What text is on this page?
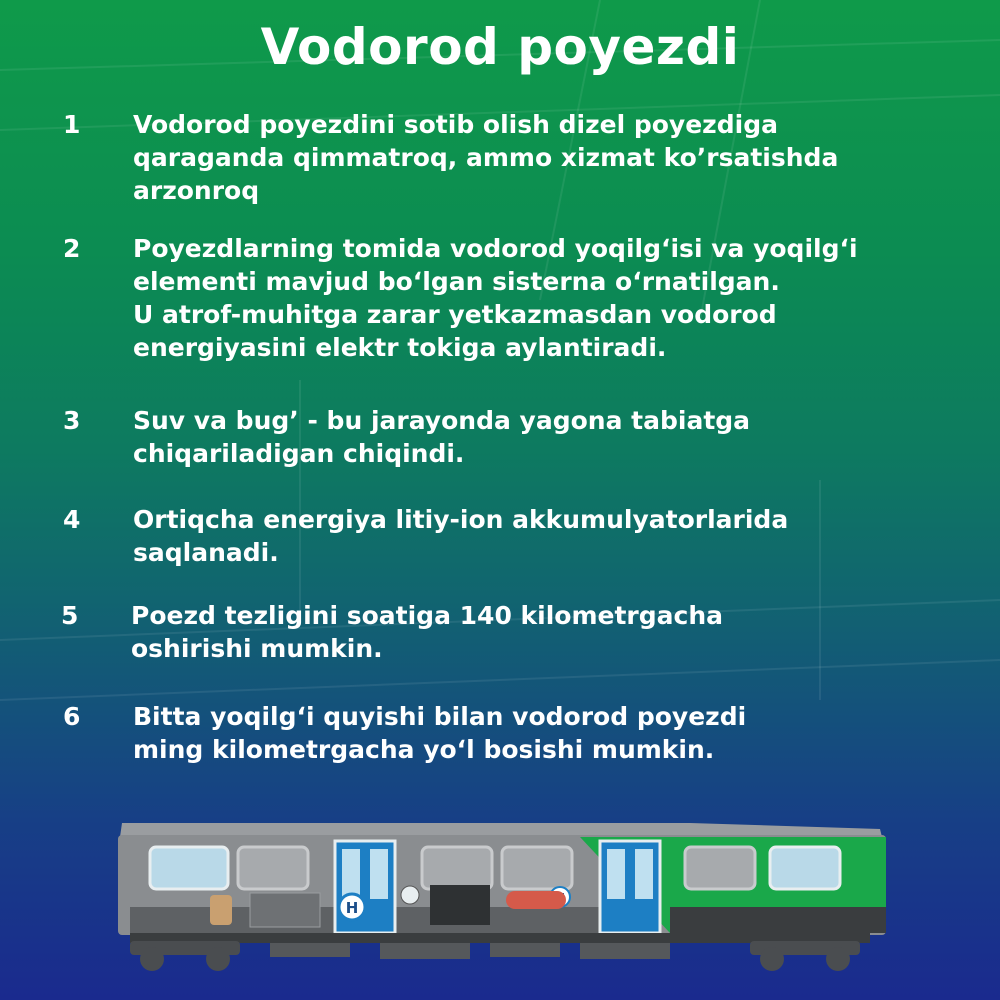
Vodorod poyezdi
1	Vodorod poyezdini sotib olish dizel poyezdiga
qaraganda qimmatroq, ammo xizmat koʼrsatishda
arzonroq
2	Poyezdlarning tomida vodorod yoqilgʻisi va yoqilgʻi
elementi mavjud boʻlgan sisterna oʻrnatilgan.
U atrof-muhitga zarar yetkazmasdan vodorod
energiyasini elektr tokiga aylantiradi.
3	Suv va bugʼ - bu jarayonda yagona tabiatga
chiqariladigan chiqindi.
4	Ortiqcha energiya litiy-ion akkumulyatorlarida
saqlanadi.
5	Poezd tezligini soatiga 140 kilometrgacha
oshirishi mumkin.
6	Bitta yoqilgʻi quyishi bilan vodorod poyezdi
ming kilometrgacha yoʻl bosishi mumkin.
H
